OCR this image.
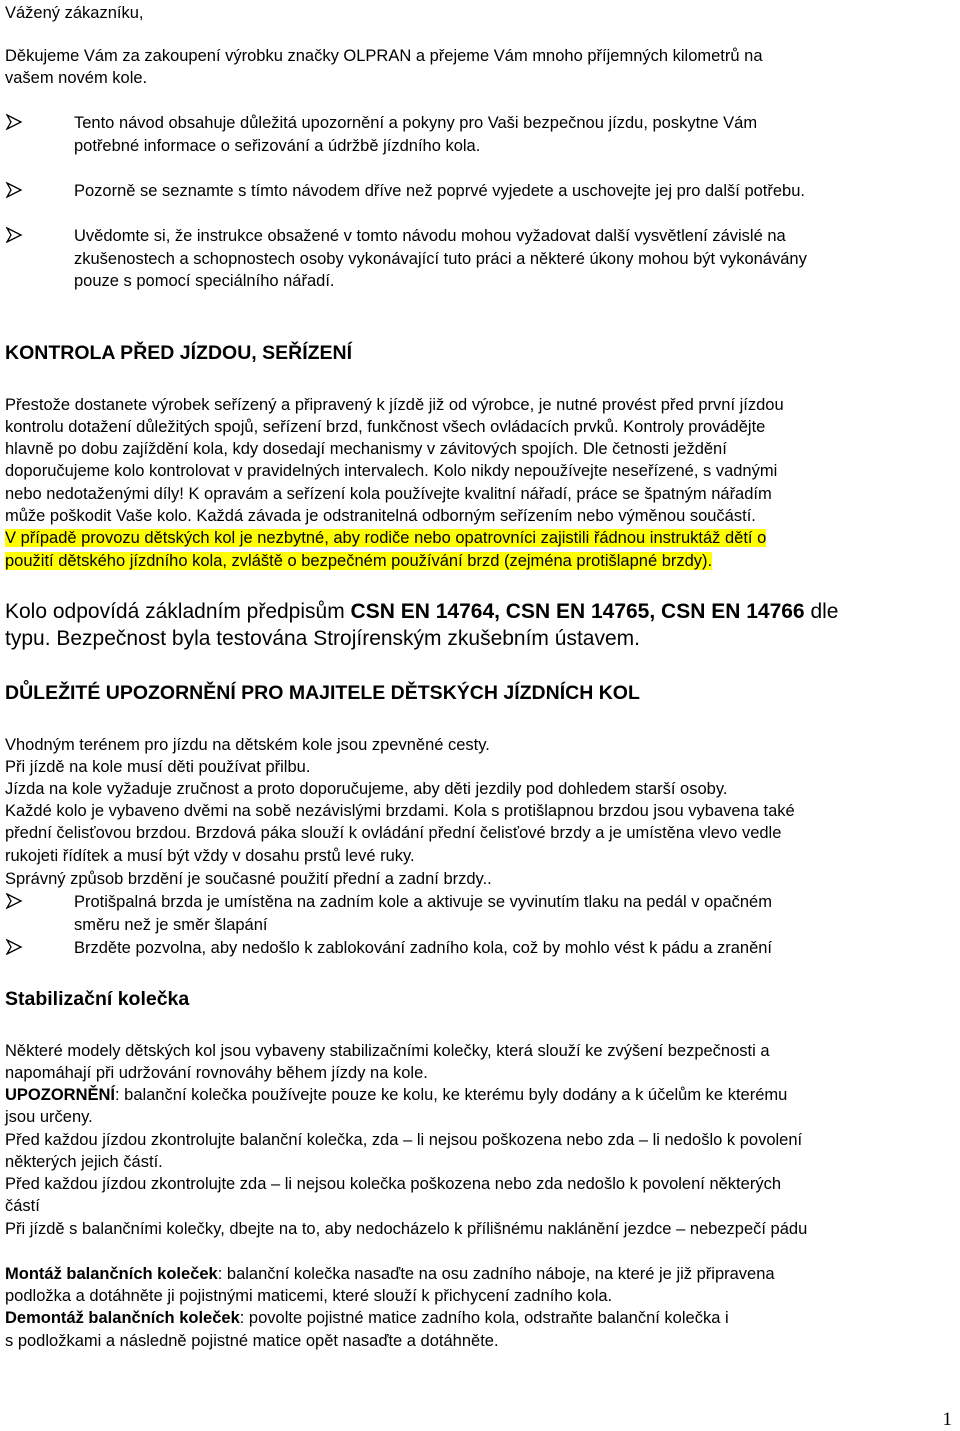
Vážený zákazníku,
Děkujeme Vám za zakoupení výrobku značky OLPRAN a přejeme Vám mnoho příjemných kilometrů na
vašem novém kole.
Tento návod obsahuje důležitá upozornění a pokyny pro Vaši bezpečnou jízdu, poskytne Vám
potřebné informace o seřizování a údržbě jízdního kola.
Pozorně se seznamte s tímto návodem dříve než poprvé vyjedete a uschovejte jej pro další potřebu.
Uvědomte si, že instrukce obsažené v tomto návodu mohou vyžadovat další vysvětlení závislé na
zkušenostech a schopnostech osoby vykonávající tuto práci a některé úkony mohou být vykonávány
pouze s pomocí speciálního nářadí.
KONTROLA PŘED JÍZDOU, SEŘÍZENÍ
Přestože dostanete výrobek seřízený a připravený k jízdě již od výrobce, je nutné provést před první jízdou
kontrolu dotažení důležitých spojů, seřízení brzd, funkčnost všech ovládacích prvků. Kontroly provádějte
hlavně po dobu zajíždění kola, kdy dosedají mechanismy v závitových spojích. Dle četnosti ježdění
doporučujeme kolo kontrolovat v pravidelných intervalech. Kolo nikdy nepoužívejte neseřízené, s vadnými
nebo nedotaženými díly! K opravám a seřízení kola používejte kvalitní nářadí, práce se špatným nářadím
může poškodit Vaše kolo. Každá závada je odstranitelná odborným seřízením nebo výměnou součástí.
V případě provozu dětských kol je nezbytné, aby rodiče nebo opatrovníci zajistili řádnou instruktáž dětí o
použití dětského jízdního kola, zvláště o bezpečném používání brzd (zejména protišlapné brzdy).
Kolo odpovídá základním předpisům CSN EN 14764, CSN EN 14765, CSN EN 14766 dle
typu. Bezpečnost byla testována Strojírenským zkušebním ústavem.
DŮLEŽITÉ UPOZORNĚNÍ PRO MAJITELE DĚTSKÝCH JÍZDNÍCH KOL
Vhodným terénem pro jízdu na dětském kole jsou zpevněné cesty.
Při jízdě na kole musí děti používat přilbu.
Jízda na kole vyžaduje zručnost a proto doporučujeme, aby děti jezdily pod dohledem starší osoby.
Každé kolo je vybaveno dvěmi na sobě nezávislými brzdami. Kola s protišlapnou brzdou jsou vybavena také
přední čelisťovou brzdou. Brzdová páka slouží k ovládání přední čelisťové brzdy a je umístěna vlevo vedle
rukojeti řídítek a musí být vždy v dosahu prstů levé ruky.
Správný způsob brzdění je současné použití přední a zadní brzdy..
Protišpalná brzda je umístěna na zadním kole a aktivuje se vyvinutím tlaku na pedál v opačném
směru než je směr šlapání
Brzděte pozvolna, aby nedošlo k zablokování zadního kola, což by mohlo vést k pádu a zranění
Stabilizační kolečka
Některé modely dětských kol jsou vybaveny stabilizačními kolečky, která slouží ke zvýšení bezpečnosti a
napomáhají při udržování rovnováhy během jízdy na kole.
UPOZORNĚNÍ: balanční kolečka používejte pouze ke kolu, ke kterému byly dodány a k účelům ke kterému
jsou určeny.
Před každou jízdou zkontrolujte balanční kolečka, zda – li nejsou poškozena nebo zda – li nedošlo k povolení
některých jejich částí.
Před každou jízdou zkontrolujte zda – li nejsou kolečka poškozena nebo zda nedošlo k povolení některých
částí
Při jízdě s balančními kolečky, dbejte na to, aby nedocházelo k přílišnému naklánění jezdce – nebezpečí pádu
Montáž balančních koleček: balanční kolečka nasaďte na osu zadního náboje, na které je již připravena
podložka a dotáhněte ji pojistnými maticemi, které slouží k přichycení zadního kola.
Demontáž balančních koleček: povolte pojistné matice zadního kola, odstraňte balanční kolečka i
s podložkami a následně pojistné matice opět nasaďte a dotáhněte.
1
